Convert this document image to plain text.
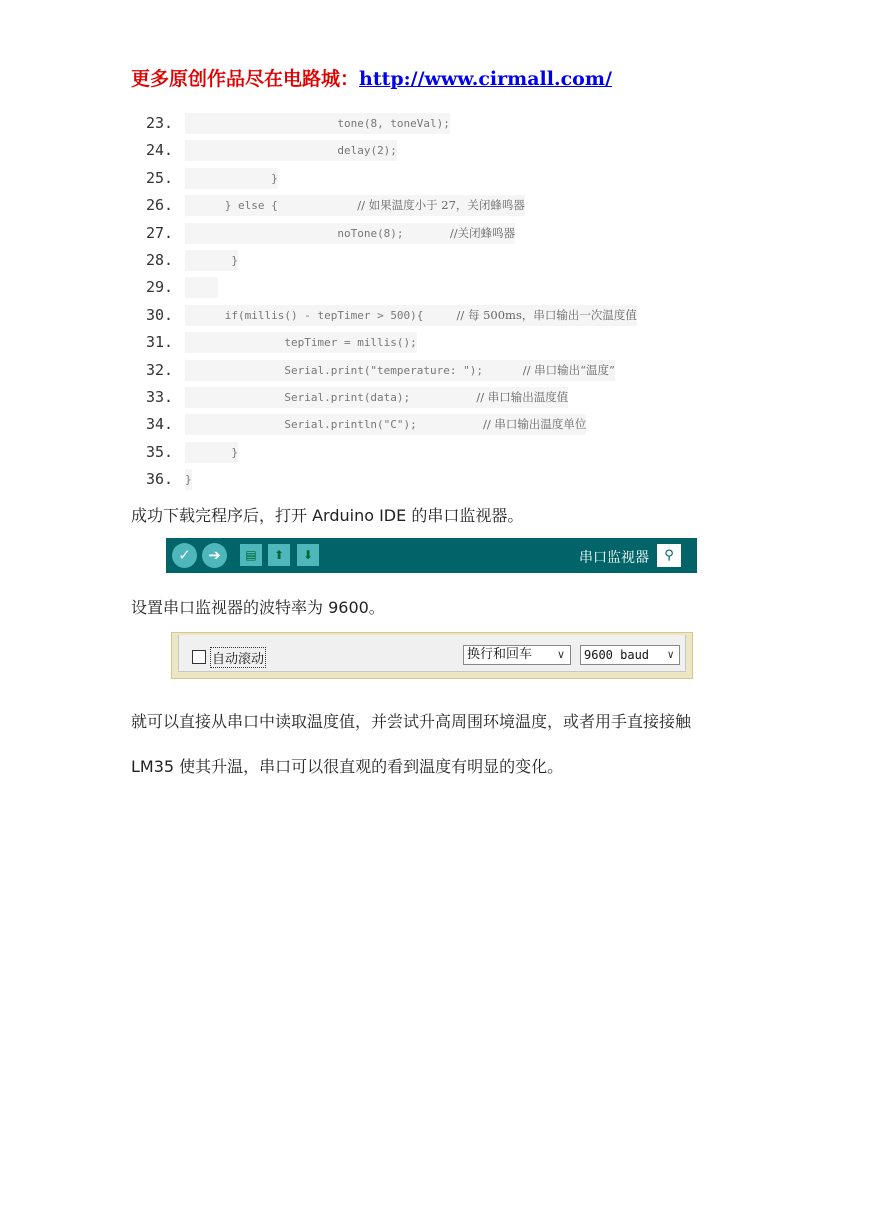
更多原创作品尽在电路城：http://www.cirmall.com/
23.	tone(8, toneVal);
24.	delay(2);
25.	}
26.	} else {            // 如果温度小于 27，关闭蜂鸣器
27.	noTone(8);       //关闭蜂鸣器
28.	}
29.

30.	if(millis() - tepTimer > 500){     // 每 500ms，串口输出一次温度值
31.	tepTimer = millis();
32.	Serial.print("temperature: ");      // 串口输出“温度”
33.	Serial.print(data);          // 串口输出温度值
34.	Serial.println("C");          // 串口输出温度单位
35.	}
36.	}
成功下载完程序后，打开 Arduino IDE 的串口监视器。
✓	➔	▤	⬆	⬇	串口监视器	⚲
设置串口监视器的波特率为 9600。
自动滚动	换行和回车 ∨	9600 baud ∨
就可以直接从串口中读取温度值，并尝试升高周围环境温度，或者用手直接接触
LM35 使其升温，串口可以很直观的看到温度有明显的变化。
